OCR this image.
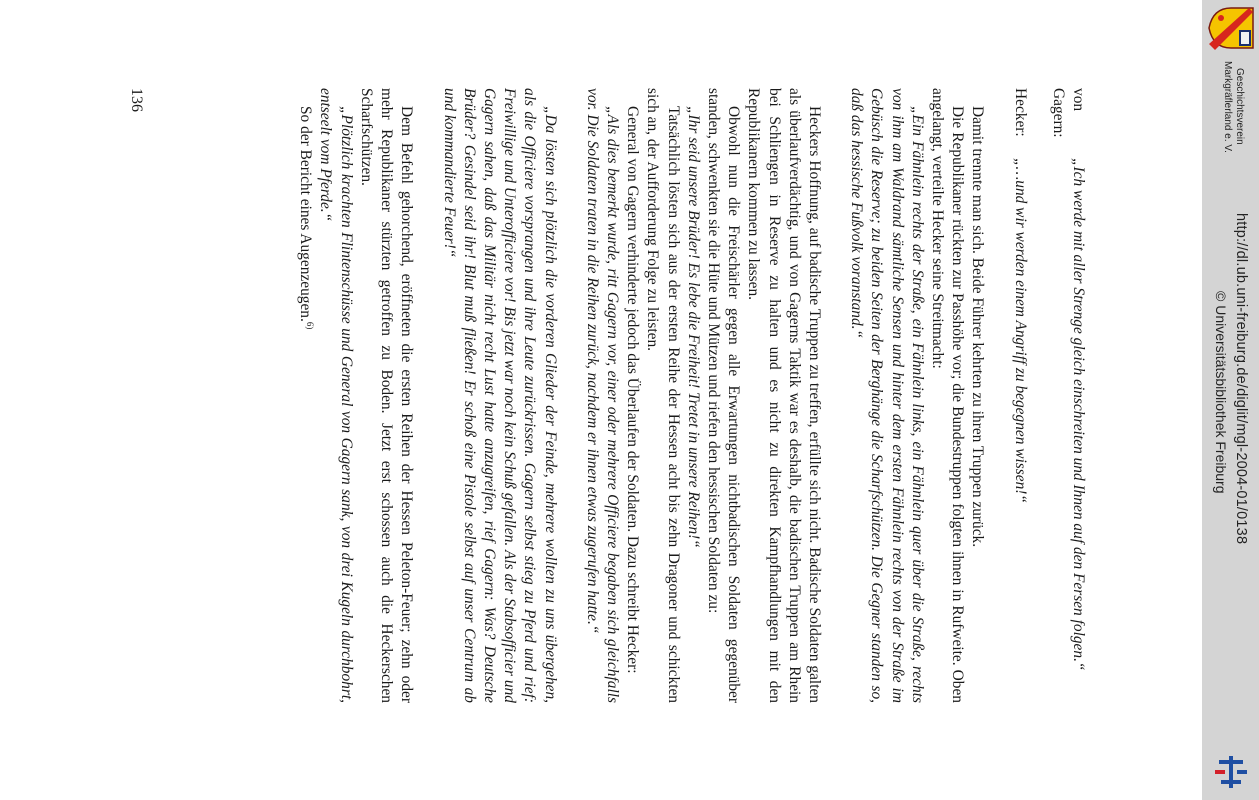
von Gagern:
„Ich werde mit aller Strenge gleich einschreiten und Ihnen auf den Fersen folgen.“
Hecker:
„…und wir werden einem Angriff zu begegnen wissen!“

Damit trennte man sich. Beide Führer kehrten zu ihren Truppen zurück.

Die Republikaner rückten zur Passhöhe vor; die Bundestruppen folgten ihnen in Rufweite. Oben angelangt, verteilte Hecker seine Streitmacht:

„Ein Fähnlein rechts der Straße, ein Fähnlein links, ein Fähnlein quer über die Straße, rechts von ihm am Waldrand sämtliche Sensen und hinter dem ersten Fähnlein rechts von der Straße im Gebüsch die Reserve; zu beiden Seiten der Berghänge die Scharfschützen. Die Gegner standen so, daß das hessische Fußvolk voranstand.“

Heckers Hoffnung, auf badische Truppen zu treffen, erfüllte sich nicht. Badische Soldaten galten als überlaufverdächtig, und von Gagerns Taktik war es deshalb, die badischen Truppen am Rhein bei Schliengen in Reserve zu halten und es nicht zu direkten Kampfhandlungen mit den Republikanern kommen zu lassen.

Obwohl nun die Freischärler gegen alle Erwartungen nichtbadischen Soldaten gegenüber standen, schwenkten sie die Hüte und Mützen und riefen den hessischen Soldaten zu:

„Ihr seid unsere Brüder! Es lebe die Freiheit! Tretet in unsere Reihen!“

Tatsächlich lösten sich aus der ersten Reihe der Hessen acht bis zehn Dragoner und schickten sich an, der Aufforderung Folge zu leisten.

General von Gagern verhinderte jedoch das Überlaufen der Soldaten. Dazu schreibt Hecker:

„Als dies bemerkt wurde, ritt Gagern vor, einer oder mehrere Officiere begaben sich gleichfalls vor. Die Soldaten traten in die Reihen zurück, nachdem er ihnen etwas zugerufen hatte.“

„Da lösten sich plötzlich die vorderen Glieder der Feinde, mehrere wollten zu uns übergehen, als die Officiere vorsprangen und ihre Leute zurückrissen. Gagern selbst stieg zu Pferd und rief: Freiwillige und Unterofficiere vor! Bis jetzt war noch kein Schuß gefallen. Als der Stabsofficier und Gagern sahen, daß das Militär nicht recht Lust hatte anzugreifen, rief Gagern: Was? Deutsche Brüder? Gesindel seid ihr! Blut muß fließen! Er schoß eine Pistole selbst auf unser Centrum ab und kommandierte Feuer!“

Dem Befehl gehorchend, eröffneten die ersten Reihen der Hessen Peleton-Feuer; zehn oder mehr Republikaner stürzten getroffen zu Boden. Jetzt erst schossen auch die Heckerschen Scharfschützen.

„Plötzlich krachten Flintenschüsse und General von Gagern sank, von drei Kugeln durchbohrt, entseelt vom Pferde.“

So der Bericht eines Augenzeugen.$^{6)}$

136	Geschichtsverein
Markgräflerland e. V.
http://dl.ub.uni-freiburg.de/diglit/mgl-2004-01/0138
© Universitätsbibliothek Freiburg
